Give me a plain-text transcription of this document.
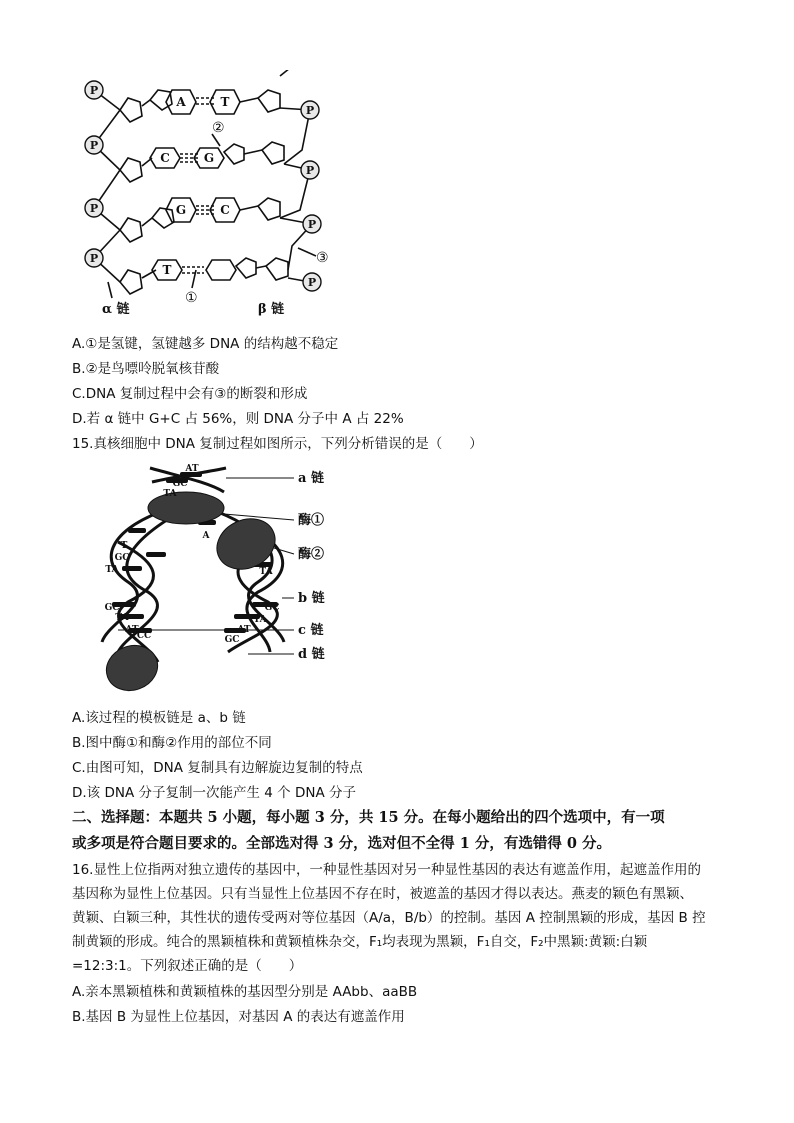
P
P
P
P
P
P
P
P
A
C
G
T
T
G
C
②
③
①
α 链	β 链
A.①是氢键，氢键越多 DNA 的结构越不稳定
B.②是鸟嘌呤脱氧核苷酸
C.DNA 复制过程中会有③的断裂和形成
D.若 α 链中 G+C 占 56%，则 DNA 分子中 A 占 22%
15.真核细胞中 DNA 复制过程如图所示，下列分析错误的是（　　）
AT
GC
TA
T
A
GC
TA
GC
TA
AT
CC
TA
GC
TA
AT
GC
a 链
酶①
酶②
b 链
c 链
d 链
A.该过程的模板链是 a、b 链
B.图中酶①和酶②作用的部位不同
C.由图可知，DNA 复制具有边解旋边复制的特点
D.该 DNA 分子复制一次能产生 4 个 DNA 分子
二、选择题：本题共 5 小题，每小题 3 分，共 15 分。在每小题给出的四个选项中，有一项
或多项是符合题目要求的。全部选对得 3 分，选对但不全得 1 分，有选错得 0 分。
16.显性上位指两对独立遗传的基因中，一种显性基因对另一种显性基因的表达有遮盖作用，起遮盖作用的
基因称为显性上位基因。只有当显性上位基因不存在时，被遮盖的基因才得以表达。燕麦的颖色有黑颖、
黄颖、白颖三种，其性状的遗传受两对等位基因（A/a，B/b）的控制。基因 A 控制黑颖的形成，基因 B 控
制黄颖的形成。纯合的黑颖植株和黄颖植株杂交，F₁均表现为黑颖，F₁自交，F₂中黑颖:黄颖:白颖
=12:3:1。下列叙述正确的是（　　）
A.亲本黑颖植株和黄颖植株的基因型分别是 AAbb、aaBB
B.基因 B 为显性上位基因，对基因 A 的表达有遮盖作用
